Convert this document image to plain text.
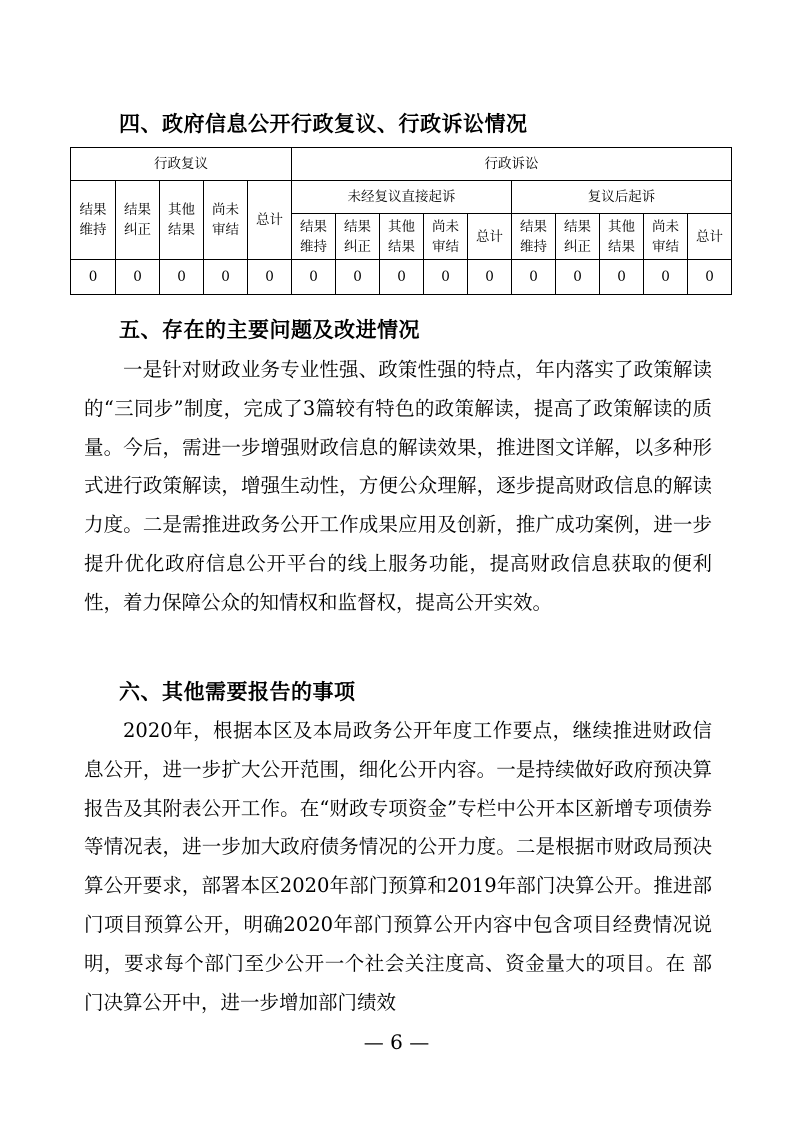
四、政府信息公开行政复议、行政诉讼情况
行政复议					行政诉讼									
结果维持	结果纠正	其他结果	尚未审结	总计	未经复议直接起诉					复议后起诉				
					结果维持	结果纠正	其他结果	尚未审结	总计	结果维持	结果纠正	其他结果	尚未审结	总计
0	0	0	0	0	0	0	0	0	0	0	0	0	0	0
五、存在的主要问题及改进情况

一是针对财政业务专业性强、政策性强的特点，年内落实了政策解读的“三同步”制度，完成了3篇较有特色的政策解读，提高了政策解读的质量。今后，需进一步增强财政信息的解读效果，推进图文详解，以多种形式进行政策解读，增强生动性，方便公众理解，逐步提高财政信息的解读力度。二是需推进政务公开工作成果应用及创新，推广成功案例，进一步提升优化政府信息公开平台的线上服务功能，提高财政信息获取的便利性，着力保障公众的知情权和监督权，提高公开实效。

六、其他需要报告的事项

2020年，根据本区及本局政务公开年度工作要点，继续推进财政信息公开，进一步扩大公开范围，细化公开内容。一是持续做好政府预决算报告及其附表公开工作。在“财政专项资金”专栏中公开本区新增专项债券等情况表，进一步加大政府债务情况的公开力度。二是根据市财政局预决算公开要求，部署本区2020年部门预算和2019年部门决算公开。推进部门项目预算公开，明确2020年部门预算公开内容中包含项目经费情况说明，要求每个部门至少公开一个社会关注度高、资金量大的项目。在 部门决算公开中，进一步增加部门绩效

— 6 —
